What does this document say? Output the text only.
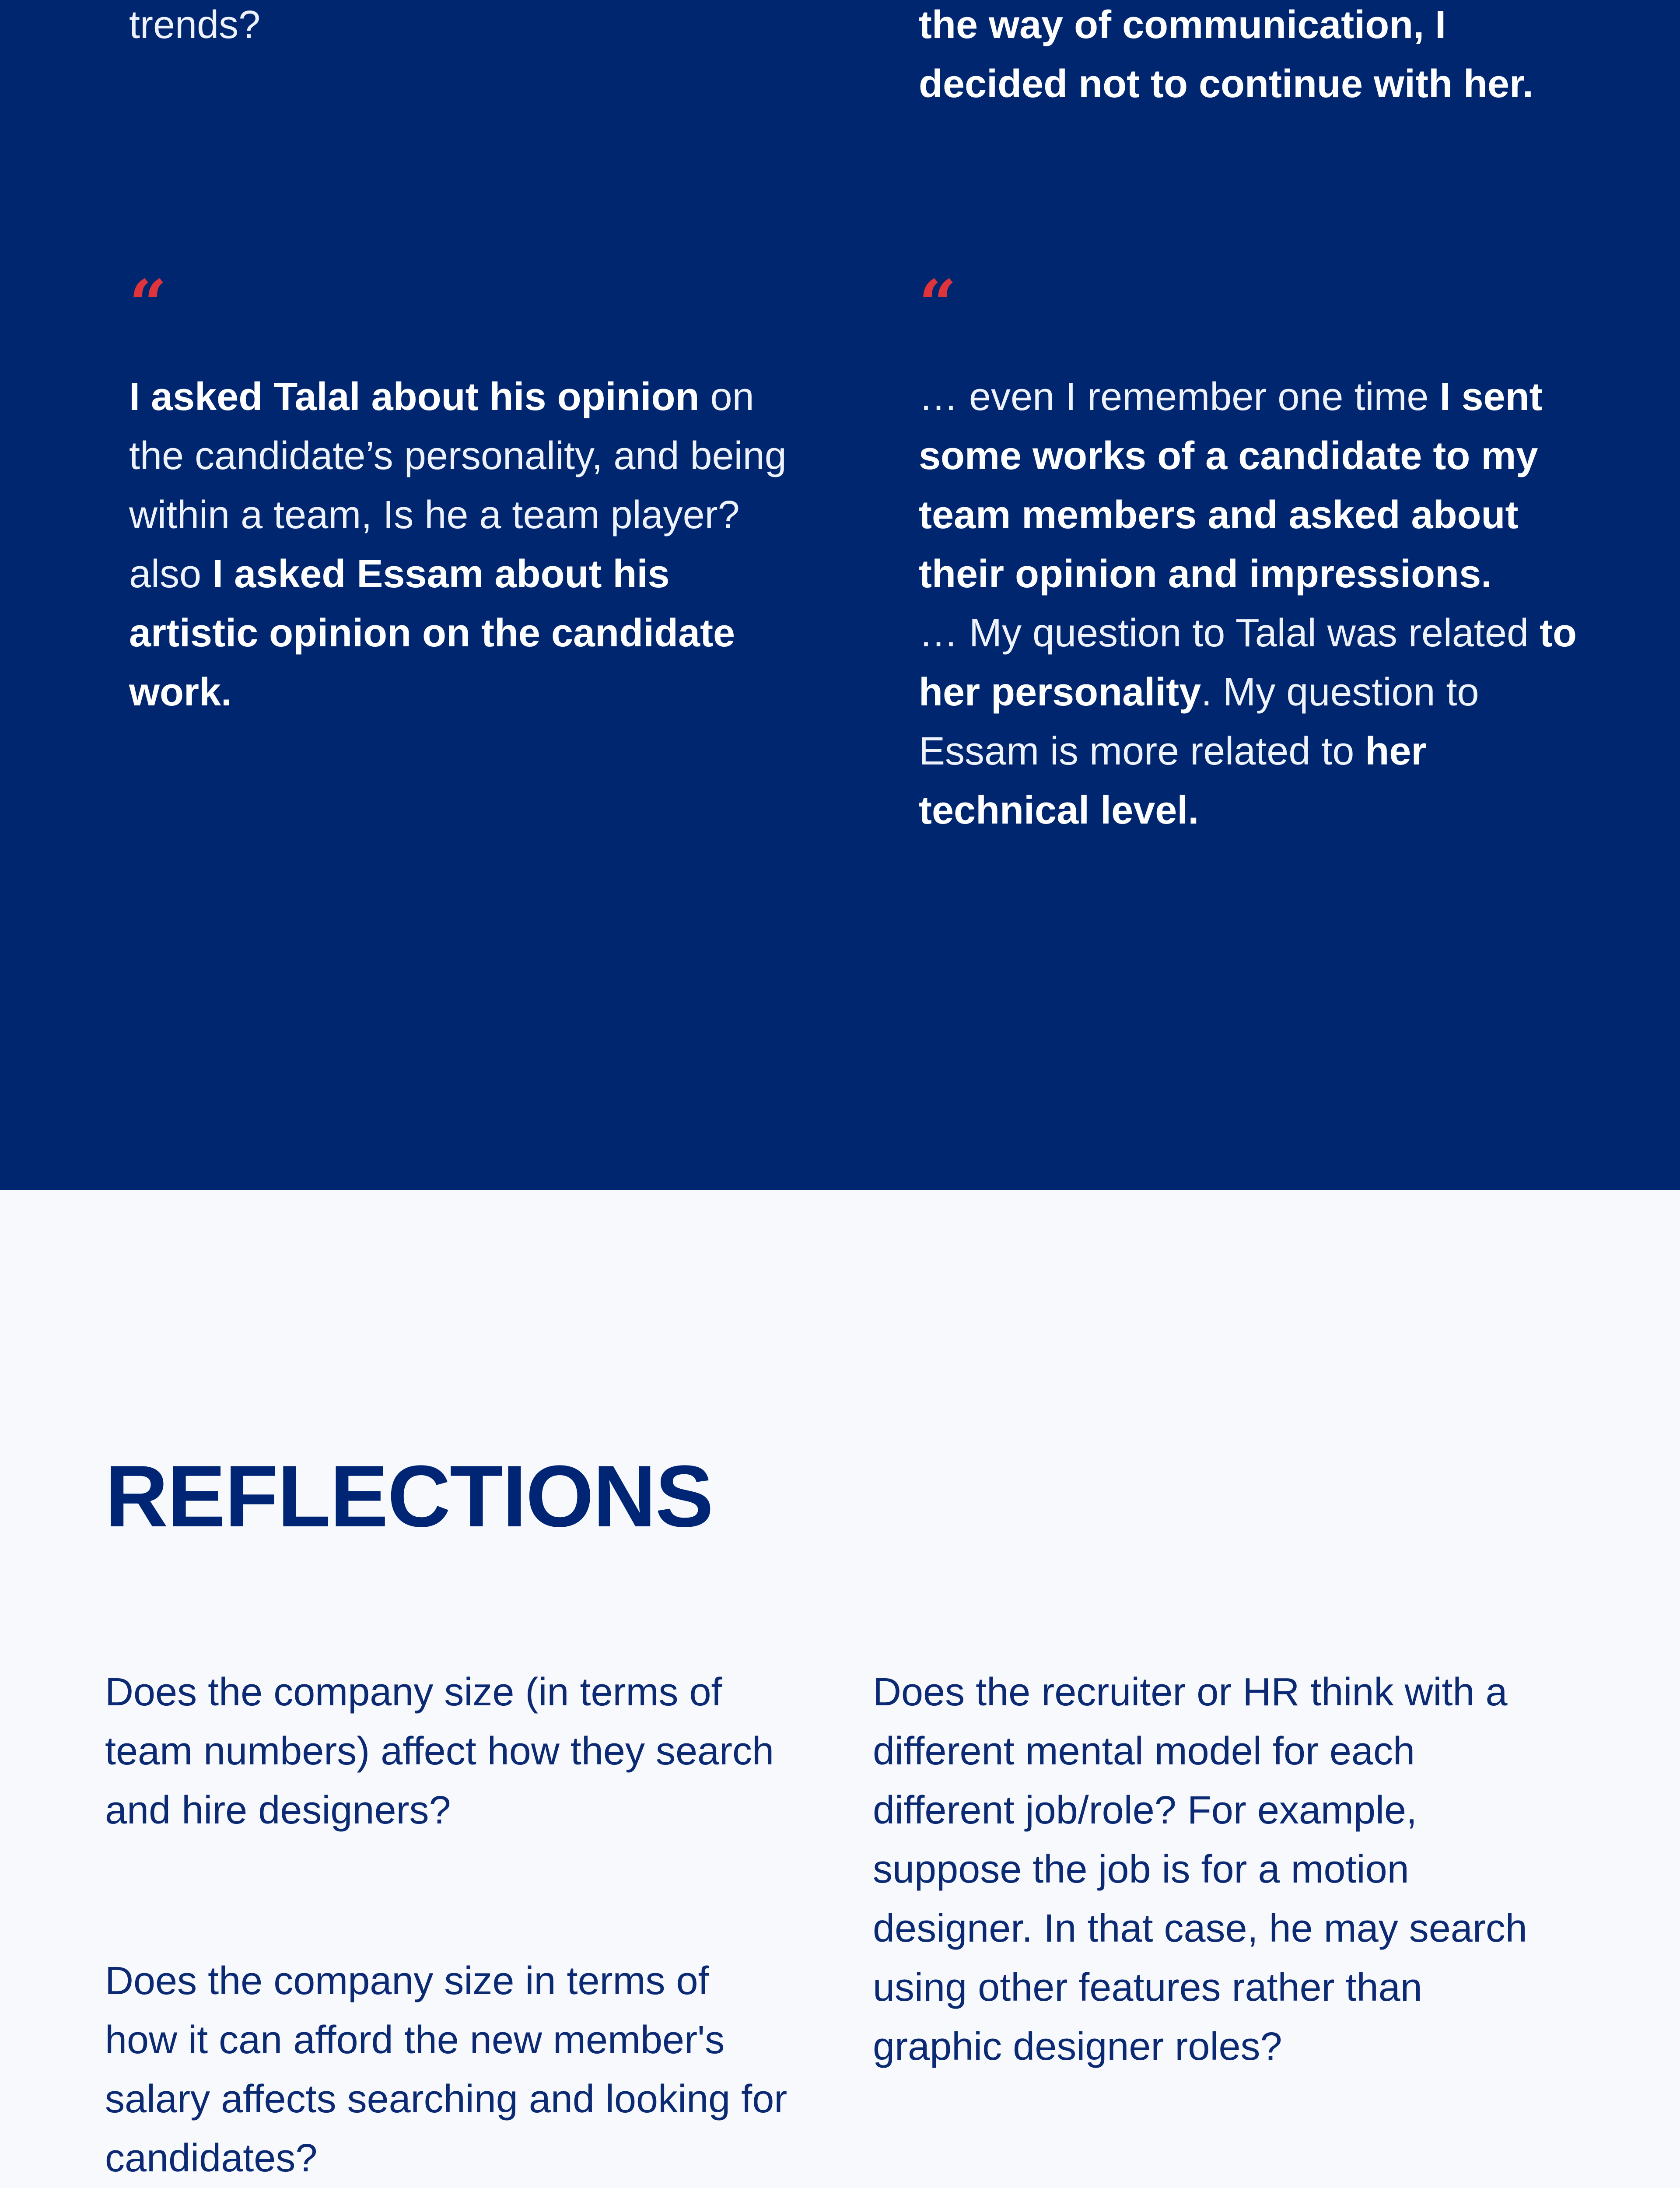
trends?	the way of communication, I
decided not to continue with her.

“	“

I asked Talal about his opinion on the candidate’s personality, and being within a team, Is he a team player? also I asked Essam about his artistic opinion on the candidate work.

… even I remember one time I sent some works of a candidate to my team members and asked about their opinion and impressions.

… My question to Talal was related to her personality. My question to Essam is more related to her technical level.

REFLECTIONS

Does the company size (in terms of team numbers) affect how they search and hire designers?

Does the company size in terms of how it can afford the new member's salary affects searching and looking for candidates?

Does the recruiter or HR think with a different mental model for each different job/role? For example, suppose the job is for a motion designer. In that case, he may search using other features rather than graphic designer roles?
